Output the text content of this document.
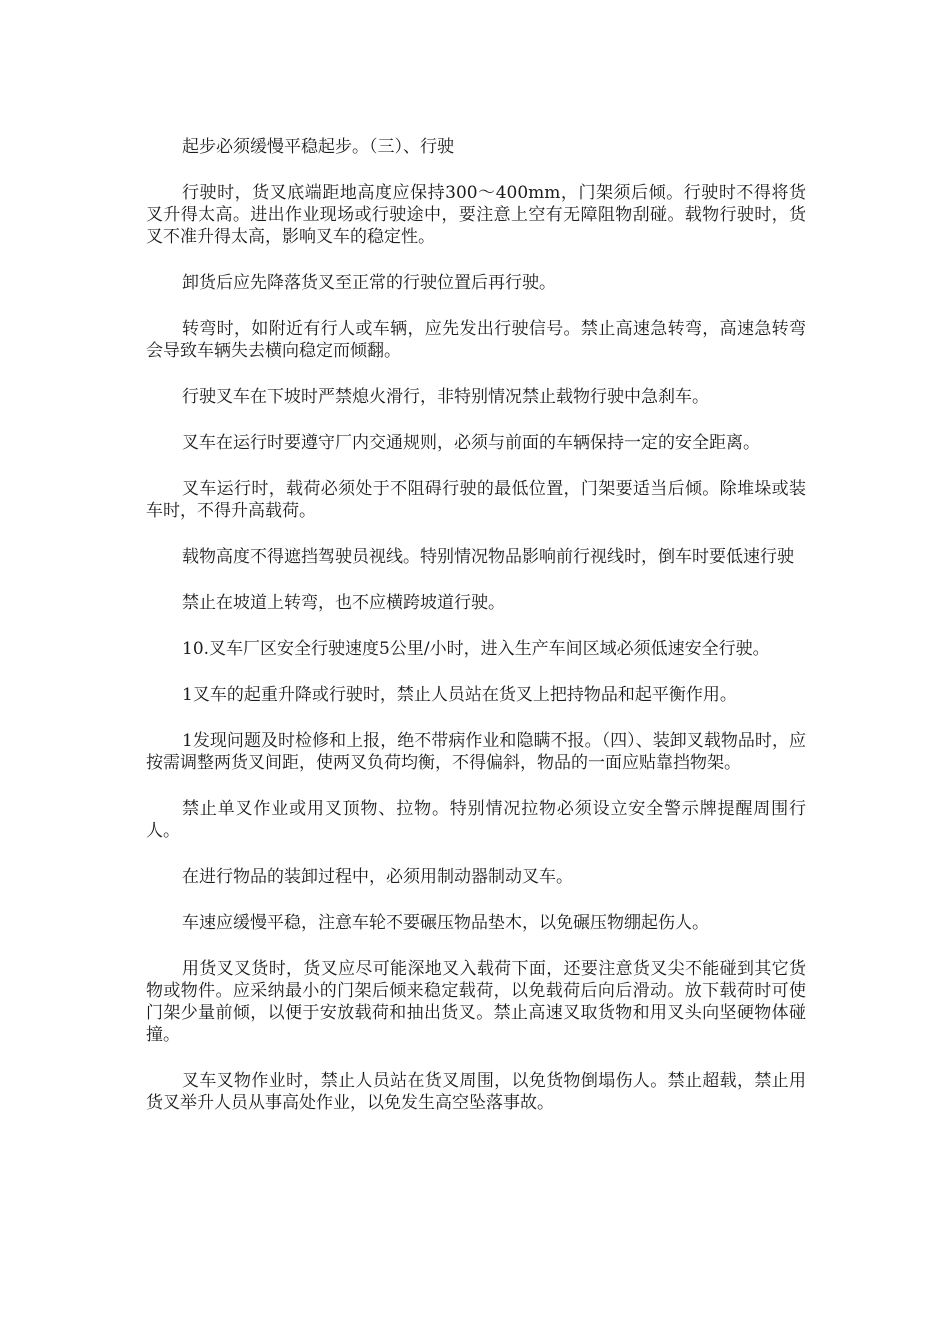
起步必须缓慢平稳起步。（三）、行驶

行驶时，货叉底端距地高度应保持300～400mm，门架须后倾。行驶时不得将货叉升得太高。进出作业现场或行驶途中，要注意上空有无障阻物刮碰。载物行驶时，货叉不准升得太高，影响叉车的稳定性。

卸货后应先降落货叉至正常的行驶位置后再行驶。

转弯时，如附近有行人或车辆，应先发出行驶信号。禁止高速急转弯，高速急转弯会导致车辆失去横向稳定而倾翻。

行驶叉车在下坡时严禁熄火滑行，非特别情况禁止载物行驶中急刹车。

叉车在运行时要遵守厂内交通规则，必须与前面的车辆保持一定的安全距离。

叉车运行时，载荷必须处于不阻碍行驶的最低位置，门架要适当后倾。除堆垛或装车时，不得升高载荷。

载物高度不得遮挡驾驶员视线。特别情况物品影响前行视线时，倒车时要低速行驶

禁止在坡道上转弯，也不应横跨坡道行驶。

10.叉车厂区安全行驶速度5公里/小时，进入生产车间区域必须低速安全行驶。

1叉车的起重升降或行驶时，禁止人员站在货叉上把持物品和起平衡作用。

1发现问题及时检修和上报，绝不带病作业和隐瞒不报。（四）、装卸叉载物品时，应按需调整两货叉间距，使两叉负荷均衡，不得偏斜，物品的一面应贴靠挡物架。

禁止单叉作业或用叉顶物、拉物。特别情况拉物必须设立安全警示牌提醒周围行人。

在进行物品的装卸过程中，必须用制动器制动叉车。

车速应缓慢平稳，注意车轮不要碾压物品垫木，以免碾压物绷起伤人。

用货叉叉货时，货叉应尽可能深地叉入载荷下面，还要注意货叉尖不能碰到其它货物或物件。应采纳最小的门架后倾来稳定载荷，以免载荷后向后滑动。放下载荷时可使门架少量前倾，以便于安放载荷和抽出货叉。禁止高速叉取货物和用叉头向坚硬物体碰撞。

叉车叉物作业时，禁止人员站在货叉周围，以免货物倒塌伤人。禁止超载，禁止用货叉举升人员从事高处作业，以免发生高空坠落事故。
